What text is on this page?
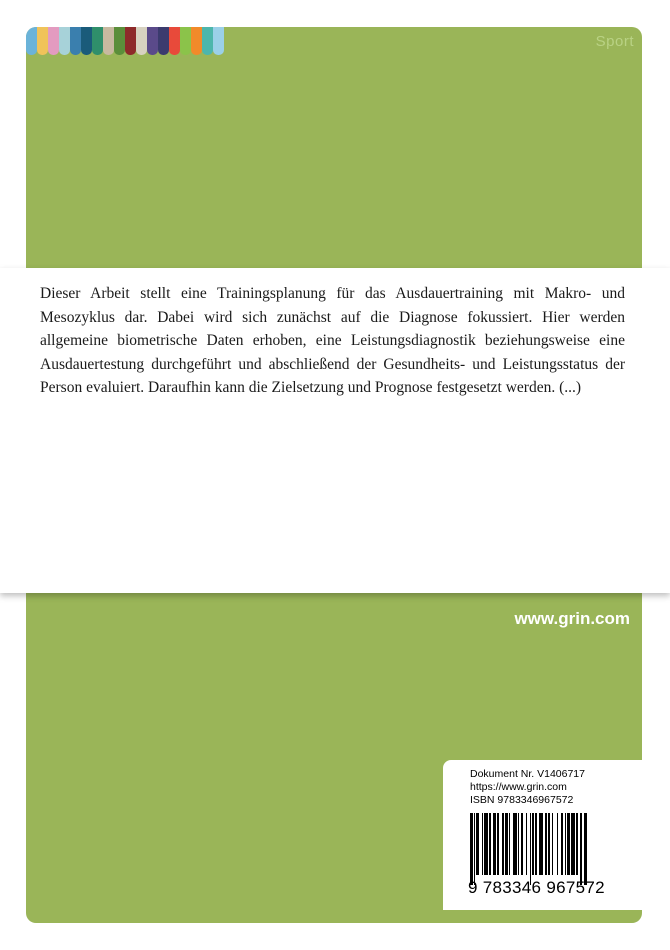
Sport

Dieser Arbeit stellt eine Trainingsplanung für das Ausdauertraining mit Makro- und Mesozyklus dar. Dabei wird sich zunächst auf die Diagnose fokussiert. Hier werden allgemeine biometrische Daten erhoben, eine Leistungsdiagnostik beziehungsweise eine Ausdauertestung durchgeführt und abschließend der Gesundheits- und Leistungsstatus der Person evaluiert. Daraufhin kann die Zielsetzung und Prognose festgesetzt werden. (...)

www.grin.com
Dokument Nr. V1406717
https://www.grin.com
ISBN 9783346967572
9 783346 967572
